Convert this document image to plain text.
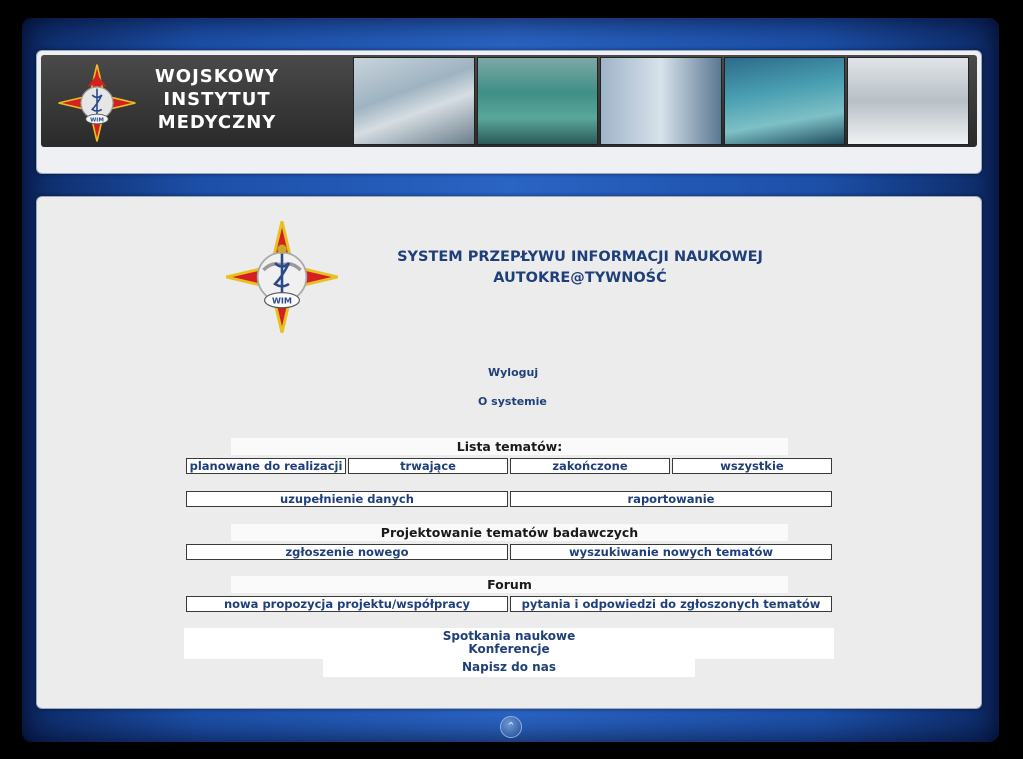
WIM
WOJSKOWY
INSTYTUT
MEDYCZNY
WIM
SYSTEM PRZEPŁYWU INFORMACJI NAUKOWEJ
AUTOKRE@TYWNOŚĆ
Wyloguj
O systemie
Lista tematów:
planowane do realizacji	trwające	zakończone	wszystkie
uzupełnienie danych	raportowanie
Projektowanie tematów badawczych
zgłoszenie nowego	wyszukiwanie nowych tematów
Forum
nowa propozycja projektu/współpracy	pytania i odpowiedzi do zgłoszonych tematów
Spotkania naukowe
Konferencje
Napisz do nas
⌃
